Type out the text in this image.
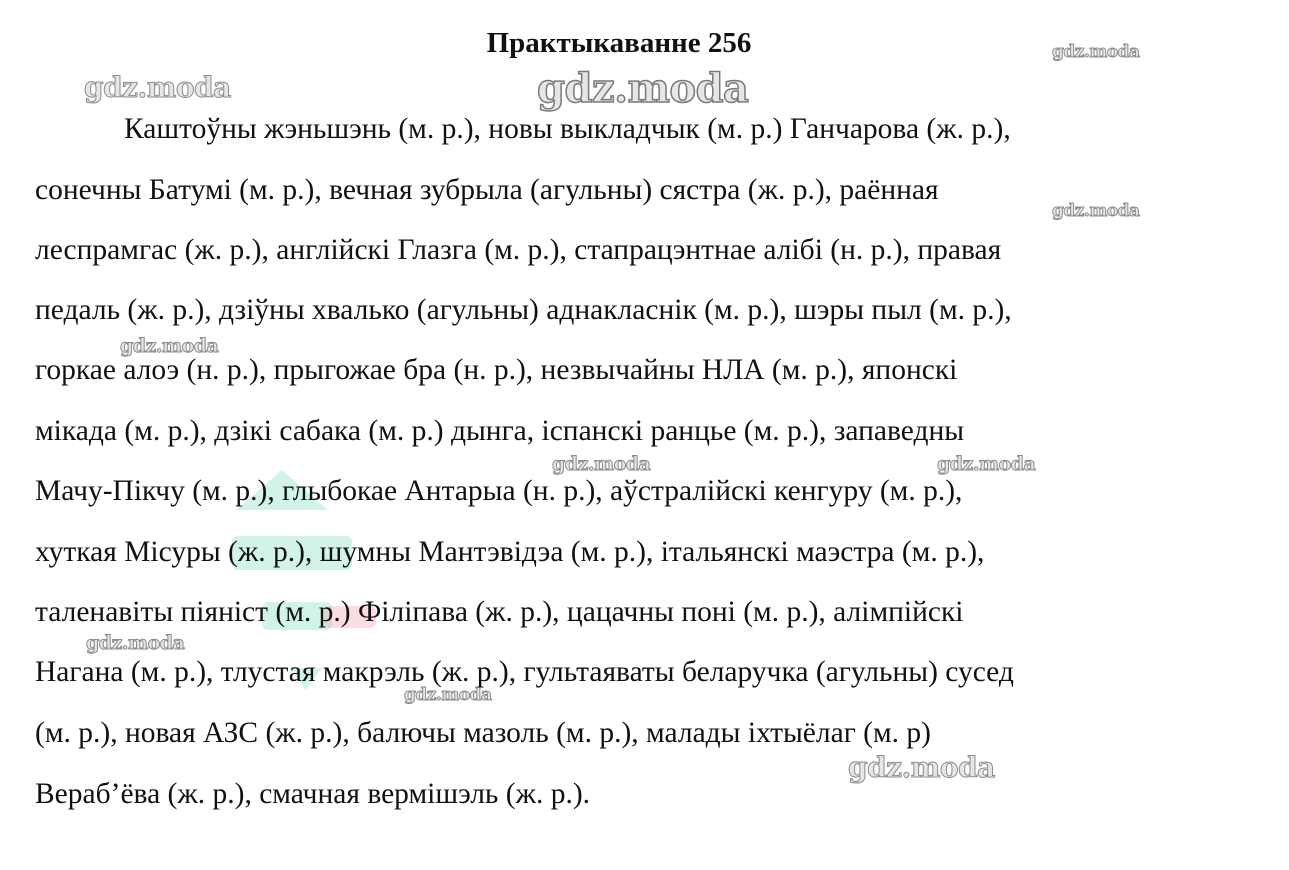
gdz.moda
gdz.moda
gdz.moda
gdz.moda
gdz.moda
gdz.moda	gdz.moda
gdz.moda
gdz.moda
gdz.moda
Практыкаванне 256

Каштоўны жэньшэнь (м. р.), новы выкладчык (м. р.) Ганчарова (ж. р.),

сонечны Батумі (м. р.), вечная зубрыла (агульны) сястра (ж. р.), раённая

леспрамгас (ж. р.), англійскі Глазга (м. р.), стапрацэнтнае алібі (н. р.), правая

педаль (ж. р.), дзіўны хвалько (агульны) аднакласнік (м. р.), шэры пыл (м. р.),

горкае алоэ (н. р.), прыгожае бра (н. р.), незвычайны НЛА (м. р.), японскі

мікада (м. р.), дзікі сабака (м. р.) дынга, іспанскі ранцье (м. р.), запаведны

Мачу-Пікчу (м. р.), глыбокае Антарыа (н. р.), аўстралійскі кенгуру (м. р.),

хуткая Місуры (ж. р.), шумны Мантэвідэа (м. р.), італьянскі маэстра (м. р.),

таленавіты піяніст (м. р.) Філіпава (ж. р.), цацачны поні (м. р.), алімпійскі

Нагана (м. р.), тлустая макрэль (ж. р.), гультаяваты беларучка (агульны) сусед

(м. р.), новая АЗС (ж. р.), балючы мазоль (м. р.), малады іхтыёлаг (м. р)

Вераб’ёва (ж. р.), смачная вермішэль (ж. р.).
